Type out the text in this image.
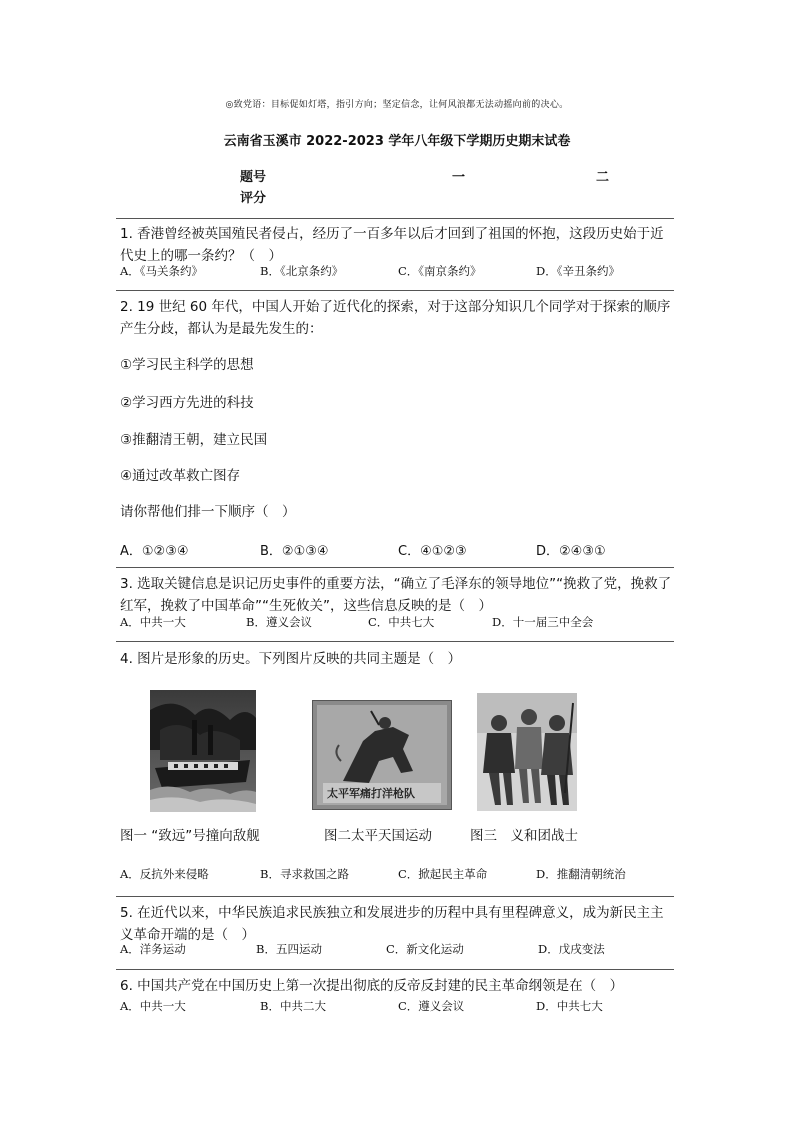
◎致党语：目标促如灯塔，指引方向；坚定信念，让何风浪都无法动摇向前的决心。
云南省玉溪市 2022-2023 学年八年级下学期历史期末试卷
题号	一	二
评分
1. 香港曾经被英国殖民者侵占，经历了一百多年以后才回到了祖国的怀抱，这段历史始于近代史上的哪一条约？（　）
A．《马关条约》	B．《北京条约》	C．《南京条约》	D．《辛丑条约》
2. 19 世纪 60 年代，中国人开始了近代化的探索，对于这部分知识几个同学对于探索的顺序产生分歧，都认为是最先发生的：
①学习民主科学的思想
②学习西方先进的科技
③推翻清王朝，建立民国
④通过改革救亡图存
请你帮他们排一下顺序（　）
A．①②③④	B．②①③④	C．④①②③	D．②④③①
3. 选取关键信息是识记历史事件的重要方法，“确立了毛泽东的领导地位”“挽救了党，挽救了红军，挽救了中国革命”“生死攸关”，这些信息反映的是（　）
A．中共一大	B．遵义会议	C．中共七大	D．十一届三中全会
4. 图片是形象的历史。下列图片反映的共同主题是（　）
太平军痛打洋枪队
图一 “致远”号撞向敌舰	图二太平天国运动	图三　义和团战士
A．反抗外来侵略	B．寻求救国之路	C．掀起民主革命	D．推翻清朝统治
5. 在近代以来，中华民族追求民族独立和发展进步的历程中具有里程碑意义，成为新民主主义革命开端的是（　）
A．洋务运动	B．五四运动	C．新文化运动	D．戊戌变法
6. 中国共产党在中国历史上第一次提出彻底的反帝反封建的民主革命纲领是在（　）
A．中共一大	B．中共二大	C．遵义会议	D．中共七大
